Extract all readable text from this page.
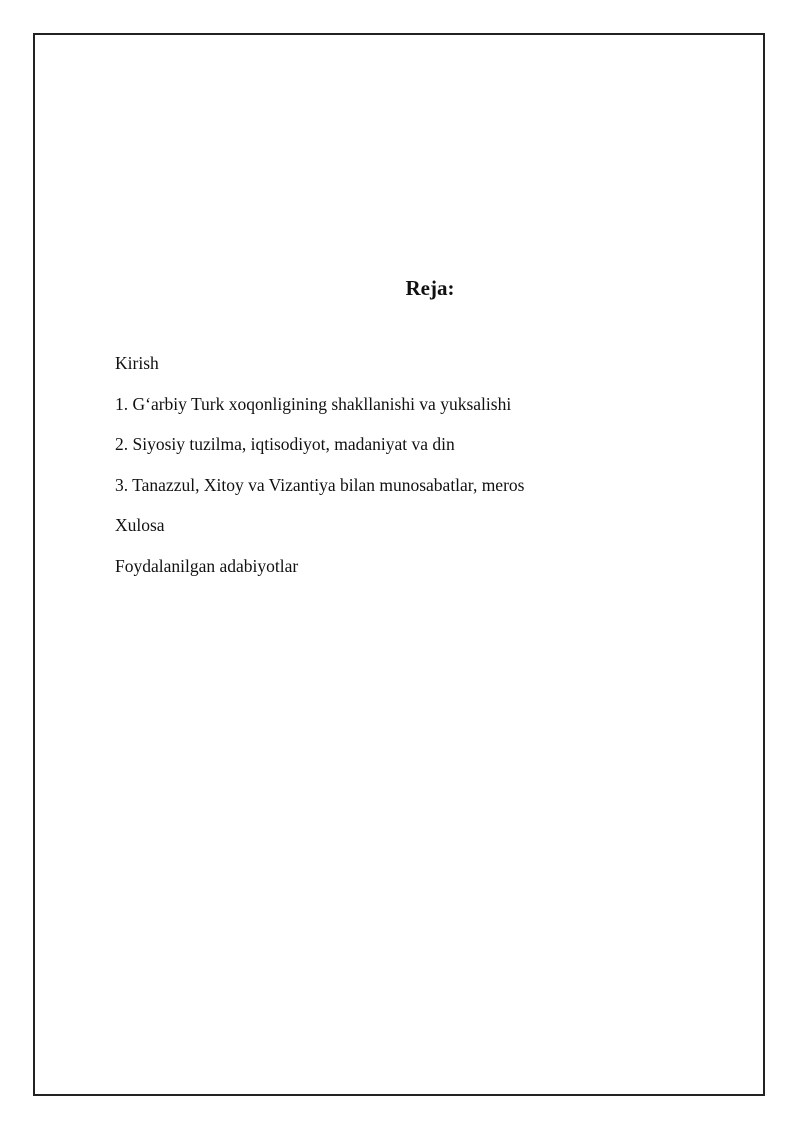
Reja:
Kirish
1. G‘arbiy Turk xoqonligining shakllanishi va yuksalishi
2. Siyosiy tuzilma, iqtisodiyot, madaniyat va din
3. Tanazzul, Xitoy va Vizantiya bilan munosabatlar, meros
Xulosa
Foydalanilgan adabiyotlar
